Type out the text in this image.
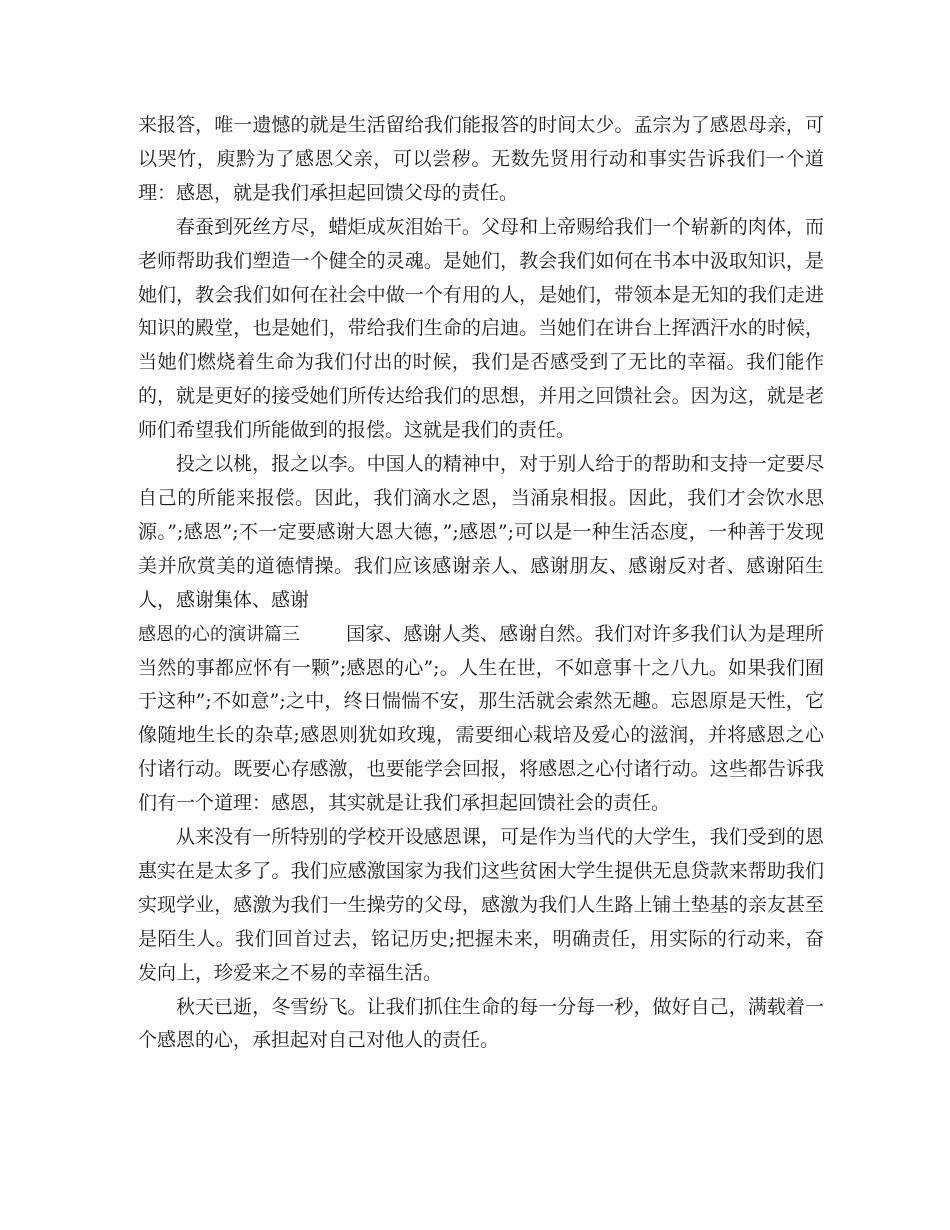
来报答，唯一遗憾的就是生活留给我们能报答的时间太少。孟宗为了感恩母亲，可以哭竹，庾黔为了感恩父亲，可以尝秽。无数先贤用行动和事实告诉我们一个道理：感恩，就是我们承担起回馈父母的责任。

春蚕到死丝方尽，蜡炬成灰泪始干。父母和上帝赐给我们一个崭新的肉体，而老师帮助我们塑造一个健全的灵魂。是她们，教会我们如何在书本中汲取知识，是她们，教会我们如何在社会中做一个有用的人，是她们，带领本是无知的我们走进知识的殿堂，也是她们，带给我们生命的启迪。当她们在讲台上挥洒汗水的时候，当她们燃烧着生命为我们付出的时候，我们是否感受到了无比的幸福。我们能作的，就是更好的接受她们所传达给我们的思想，并用之回馈社会。因为这，就是老师们希望我们所能做到的报偿。这就是我们的责任。

投之以桃，报之以李。中国人的精神中，对于别人给于的帮助和支持一定要尽自己的所能来报偿。因此，我们滴水之恩，当涌泉相报。因此，我们才会饮水思源。”;感恩”;不一定要感谢大恩大德，”;感恩”;可以是一种生活态度，一种善于发现美并欣赏美的道德情操。我们应该感谢亲人、感谢朋友、感谢反对者、感谢陌生人，感谢集体、感谢

感恩的心的演讲篇三 国家、感谢人类、感谢自然。我们对许多我们认为是理所当然的事都应怀有一颗”;感恩的心”;。人生在世，不如意事十之八九。如果我们囿于这种”;不如意”;之中，终日惴惴不安，那生活就会索然无趣。忘恩原是天性，它像随地生长的杂草;感恩则犹如玫瑰，需要细心栽培及爱心的滋润，并将感恩之心付诸行动。既要心存感激，也要能学会回报，将感恩之心付诸行动。这些都告诉我们有一个道理：感恩，其实就是让我们承担起回馈社会的责任。

从来没有一所特别的学校开设感恩课，可是作为当代的大学生，我们受到的恩惠实在是太多了。我们应感激国家为我们这些贫困大学生提供无息贷款来帮助我们实现学业，感激为我们一生操劳的父母，感激为我们人生路上铺土垫基的亲友甚至是陌生人。我们回首过去，铭记历史;把握未来，明确责任，用实际的行动来，奋发向上，珍爱来之不易的幸福生活。

秋天已逝，冬雪纷飞。让我们抓住生命的每一分每一秒，做好自己，满载着一个感恩的心，承担起对自己对他人的责任。
